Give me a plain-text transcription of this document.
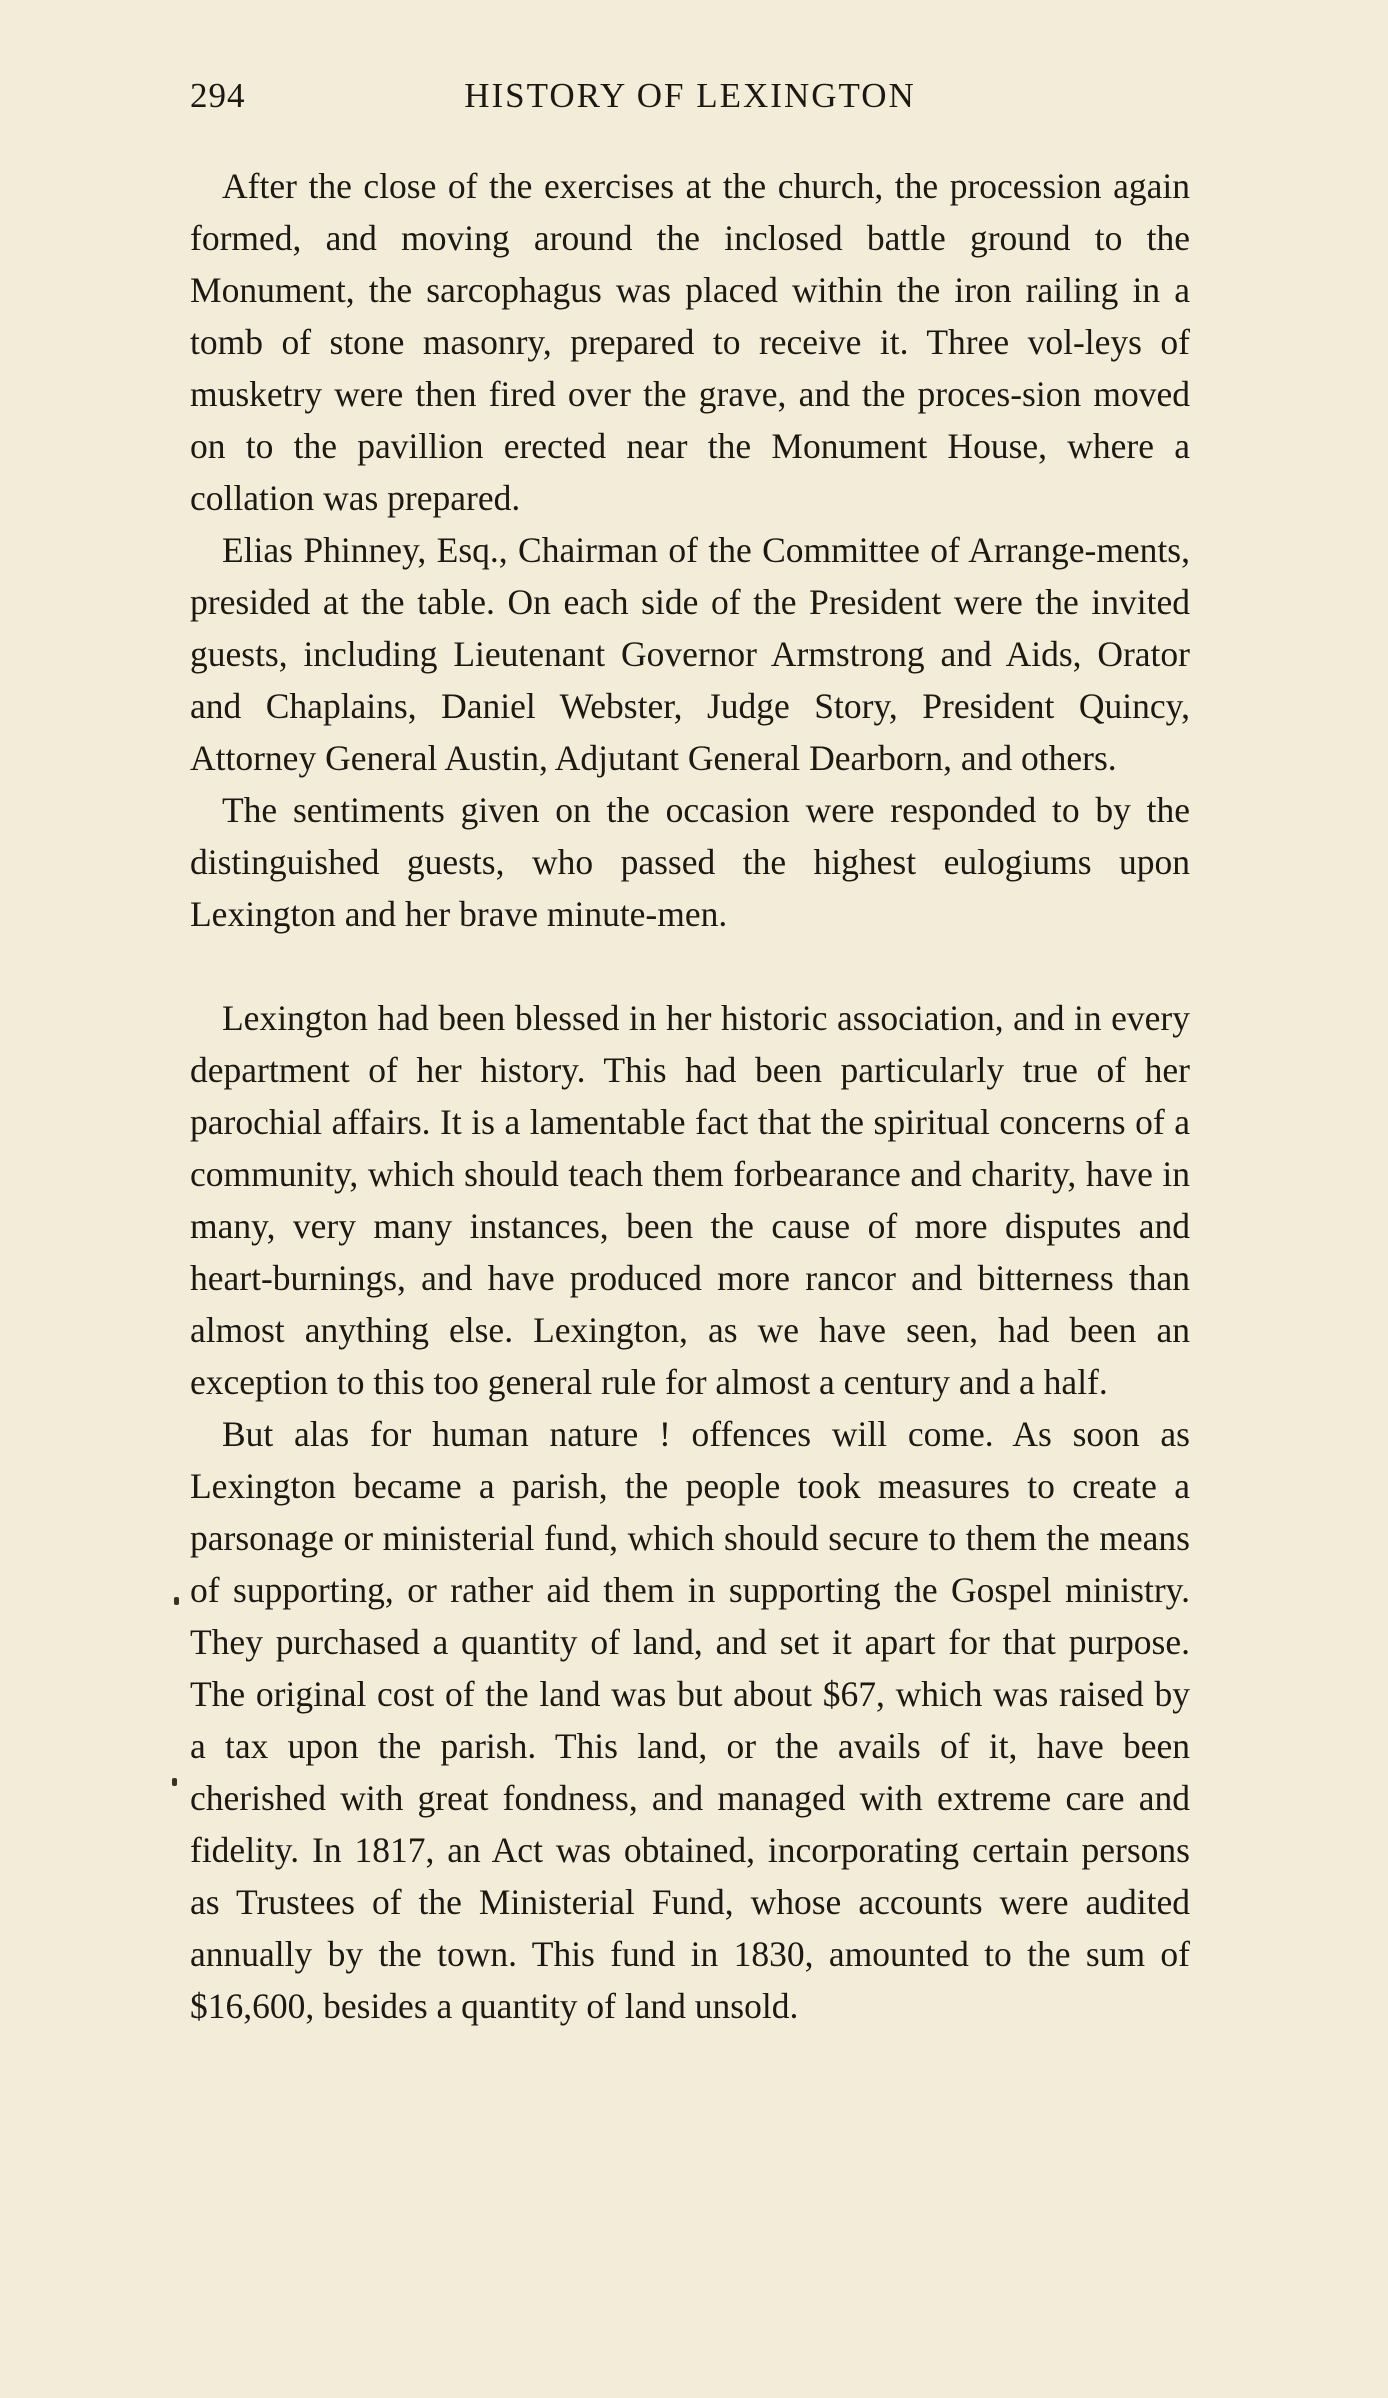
294	HISTORY OF LEXINGTON

After the close of the exercises at the church, the procession again formed, and moving around the inclosed battle ground to the Monument, the sarcophagus was placed within the iron railing in a tomb of stone masonry, prepared to receive it. Three vol-leys of musketry were then fired over the grave, and the proces-sion moved on to the pavillion erected near the Monument House, where a collation was prepared.

Elias Phinney, Esq., Chairman of the Committee of Arrange-ments, presided at the table. On each side of the President were the invited guests, including Lieutenant Governor Armstrong and Aids, Orator and Chaplains, Daniel Webster, Judge Story, President Quincy, Attorney General Austin, Adjutant General Dearborn, and others.

The sentiments given on the occasion were responded to by the distinguished guests, who passed the highest eulogiums upon Lexington and her brave minute-men.

Lexington had been blessed in her historic association, and in every department of her history. This had been particularly true of her parochial affairs. It is a lamentable fact that the spiritual concerns of a community, which should teach them forbearance and charity, have in many, very many instances, been the cause of more disputes and heart-burnings, and have produced more rancor and bitterness than almost anything else. Lexington, as we have seen, had been an exception to this too general rule for almost a century and a half.

But alas for human nature ! offences will come. As soon as Lexington became a parish, the people took measures to create a parsonage or ministerial fund, which should secure to them the means of supporting, or rather aid them in supporting the Gospel ministry. They purchased a quantity of land, and set it apart for that purpose. The original cost of the land was but about $67, which was raised by a tax upon the parish. This land, or the avails of it, have been cherished with great fondness, and managed with extreme care and fidelity. In 1817, an Act was obtained, incorporating certain persons as Trustees of the Ministerial Fund, whose accounts were audited annually by the town. This fund in 1830, amounted to the sum of $16,600, besides a quantity of land unsold.
